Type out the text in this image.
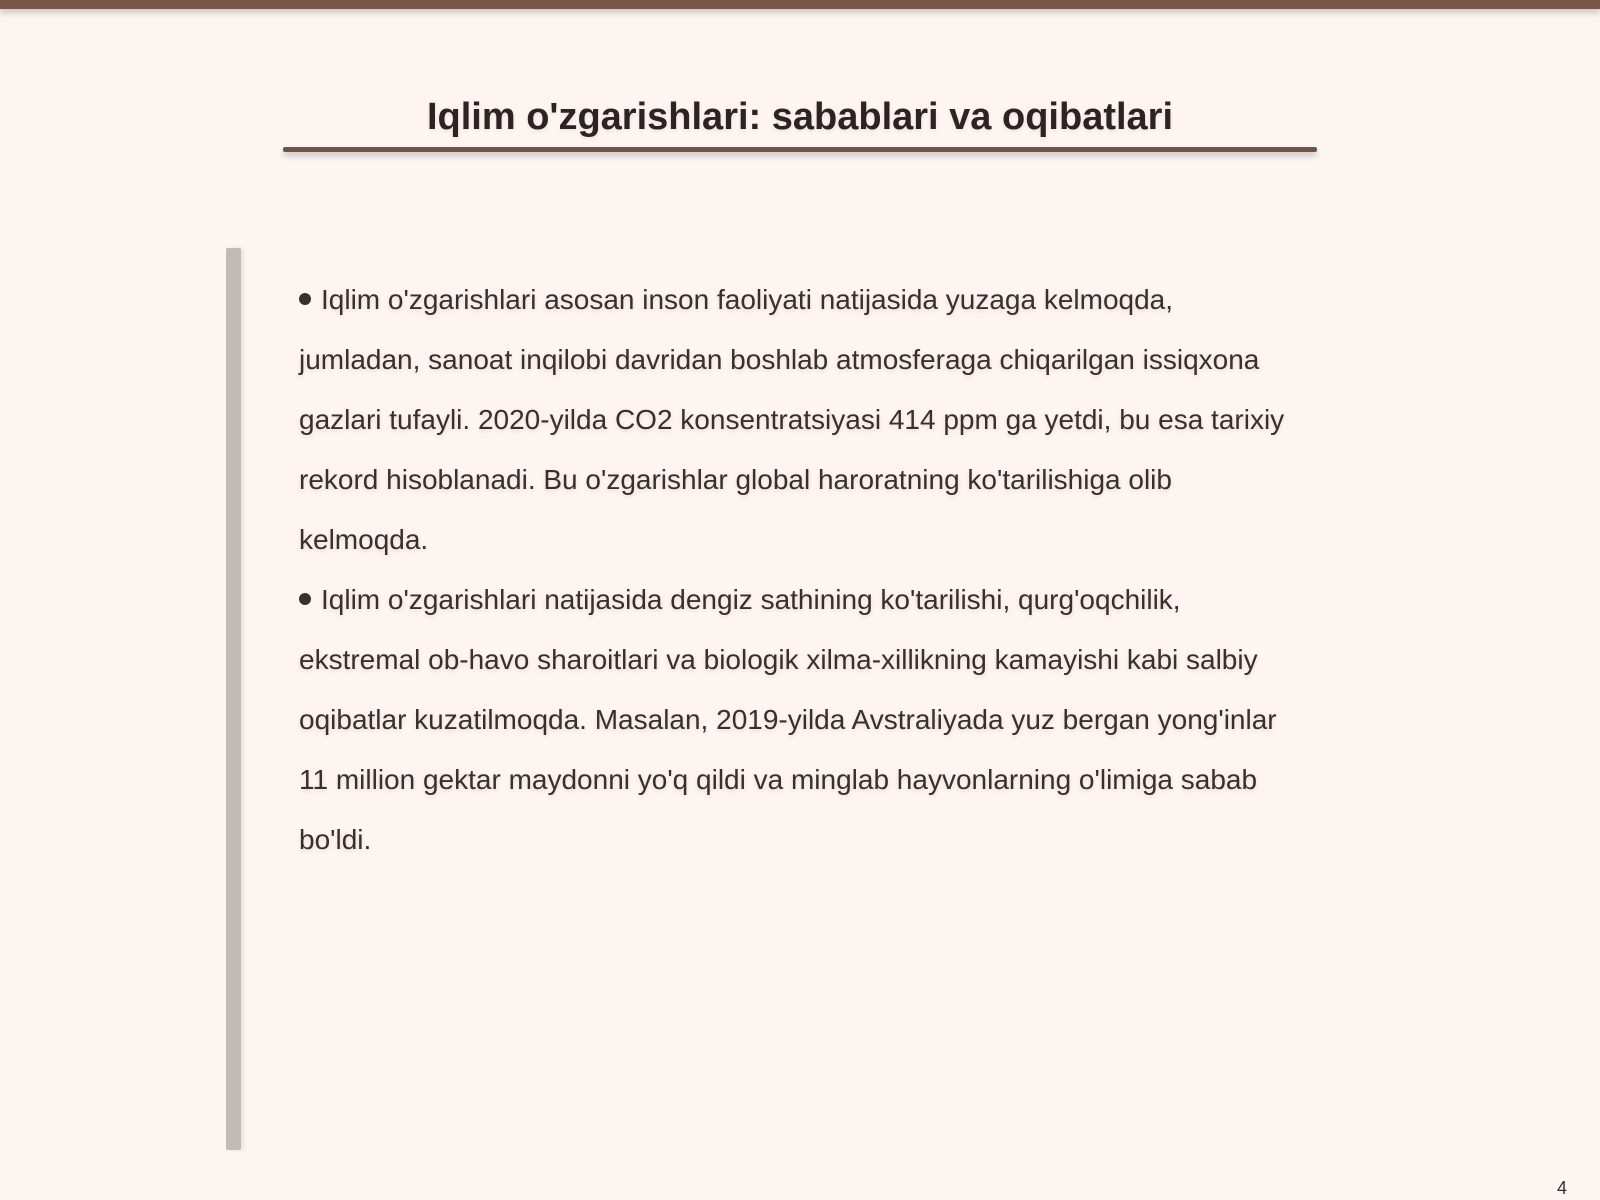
Iqlim o'zgarishlari: sabablari va oqibatlari

Iqlim o'zgarishlari asosan inson faoliyati natijasida yuzaga kelmoqda, jumladan, sanoat inqilobi davridan boshlab atmosferaga chiqarilgan issiqxona gazlari tufayli. 2020-yilda CO2 konsentratsiyasi 414 ppm ga yetdi, bu esa tarixiy rekord hisoblanadi. Bu o'zgarishlar global haroratning ko'tarilishiga olib kelmoqda.

Iqlim o'zgarishlari natijasida dengiz sathining ko'tarilishi, qurg'oqchilik, ekstremal ob-havo sharoitlari va biologik xilma-xillikning kamayishi kabi salbiy oqibatlar kuzatilmoqda. Masalan, 2019-yilda Avstraliyada yuz bergan yong'inlar 11 million gektar maydonni yo'q qildi va minglab hayvonlarning o'limiga sabab bo'ldi.

4
